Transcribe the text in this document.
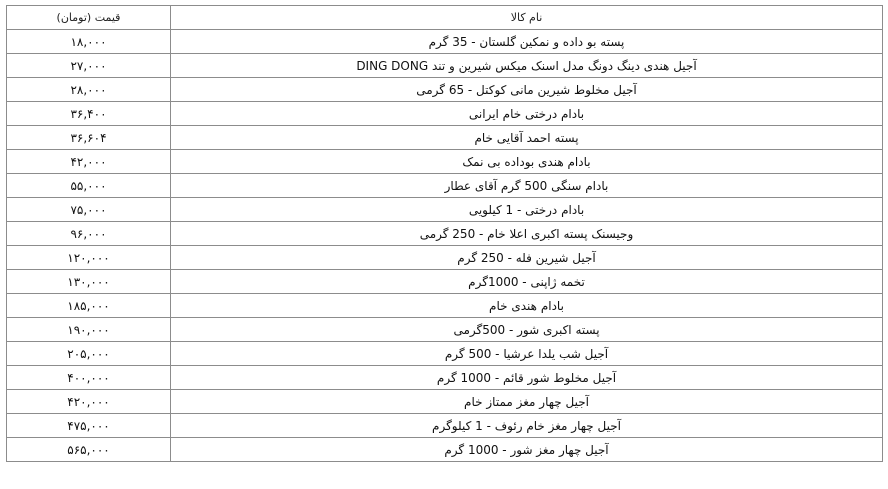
نام کالا	قیمت (تومان)
پسته بو داده و نمکین گلستان - 35 گرم	۱۸,۰۰۰
آجیل هندی دینگ دونگ مدل اسنک میکس شیرین و تند DING DONG	۲۷,۰۰۰
آجیل مخلوط شیرین مانی کوکتل - 65 گرمی	۲۸,۰۰۰
بادام درختی خام ایرانی	۳۶,۴۰۰
پسته احمد آقایی خام	۳۶,۶۰۴
بادام هندی بوداده بی نمک	۴۲,۰۰۰
بادام سنگی 500 گرم آقای عطار	۵۵,۰۰۰
بادام درختی - 1 کیلویی	۷۵,۰۰۰
وجیسنک پسته اکبری اعلا خام - 250 گرمی	۹۶,۰۰۰
آجیل شیرین فله - 250 گرم	۱۲۰,۰۰۰
تخمه ژاپنی - 1000گرم	۱۳۰,۰۰۰
بادام هندی خام	۱۸۵,۰۰۰
پسته اکبری شور - 500گرمی	۱۹۰,۰۰۰
آجیل شب یلدا عرشیا - 500 گرم	۲۰۵,۰۰۰
آجیل مخلوط شور قائم - 1000 گرم	۴۰۰,۰۰۰
آجیل چهار مغز ممتاز خام	۴۲۰,۰۰۰
آجیل چهار مغز خام رئوف - 1 کیلوگرم	۴۷۵,۰۰۰
آجیل چهار مغز شور - 1000 گرم	۵۶۵,۰۰۰
